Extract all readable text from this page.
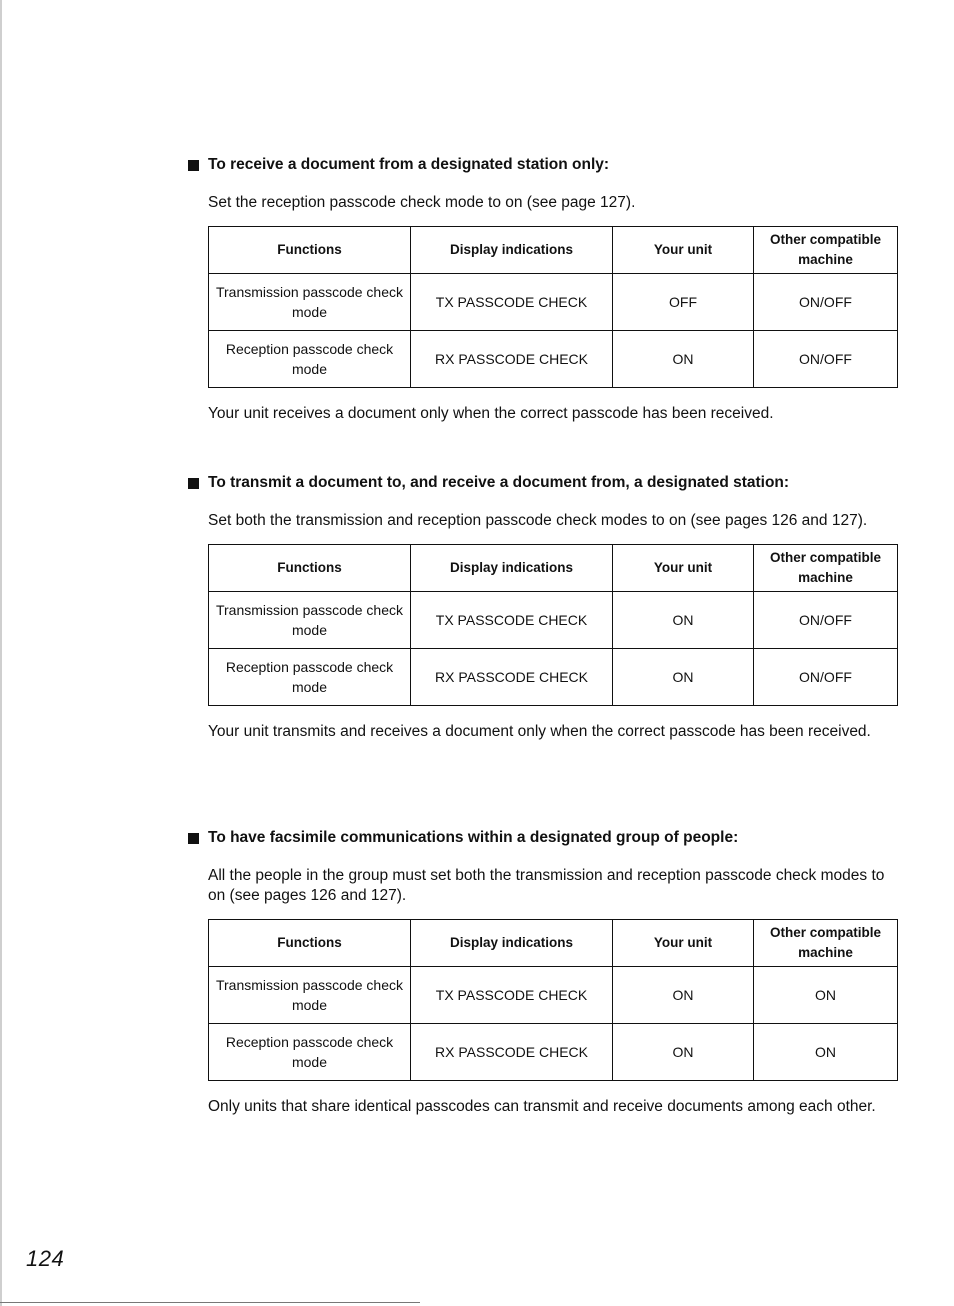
To receive a document from a designated station only:
Set the reception passcode check mode to on (see page 127).
Functions	Display indications	Your unit	Other compatible machine
Transmission passcode check mode	TX PASSCODE CHECK	OFF	ON/OFF
Reception passcode check mode	RX PASSCODE CHECK	ON	ON/OFF
Your unit receives a document only when the correct passcode has been received.
To transmit a document to, and receive a document from, a designated station:
Set both the transmission and reception passcode check modes to on (see pages 126 and 127).
Functions	Display indications	Your unit	Other compatible machine
Transmission passcode check mode	TX PASSCODE CHECK	ON	ON/OFF
Reception passcode check mode	RX PASSCODE CHECK	ON	ON/OFF
Your unit transmits and receives a document only when the correct passcode has been received.
To have facsimile communications within a designated group of people:
All the people in the group must set both the transmission and reception passcode check modes to on (see pages 126 and 127).
Functions	Display indications	Your unit	Other compatible machine
Transmission passcode check mode	TX PASSCODE CHECK	ON	ON
Reception passcode check mode	RX PASSCODE CHECK	ON	ON
Only units that share identical passcodes can transmit and receive documents among each other.
124
